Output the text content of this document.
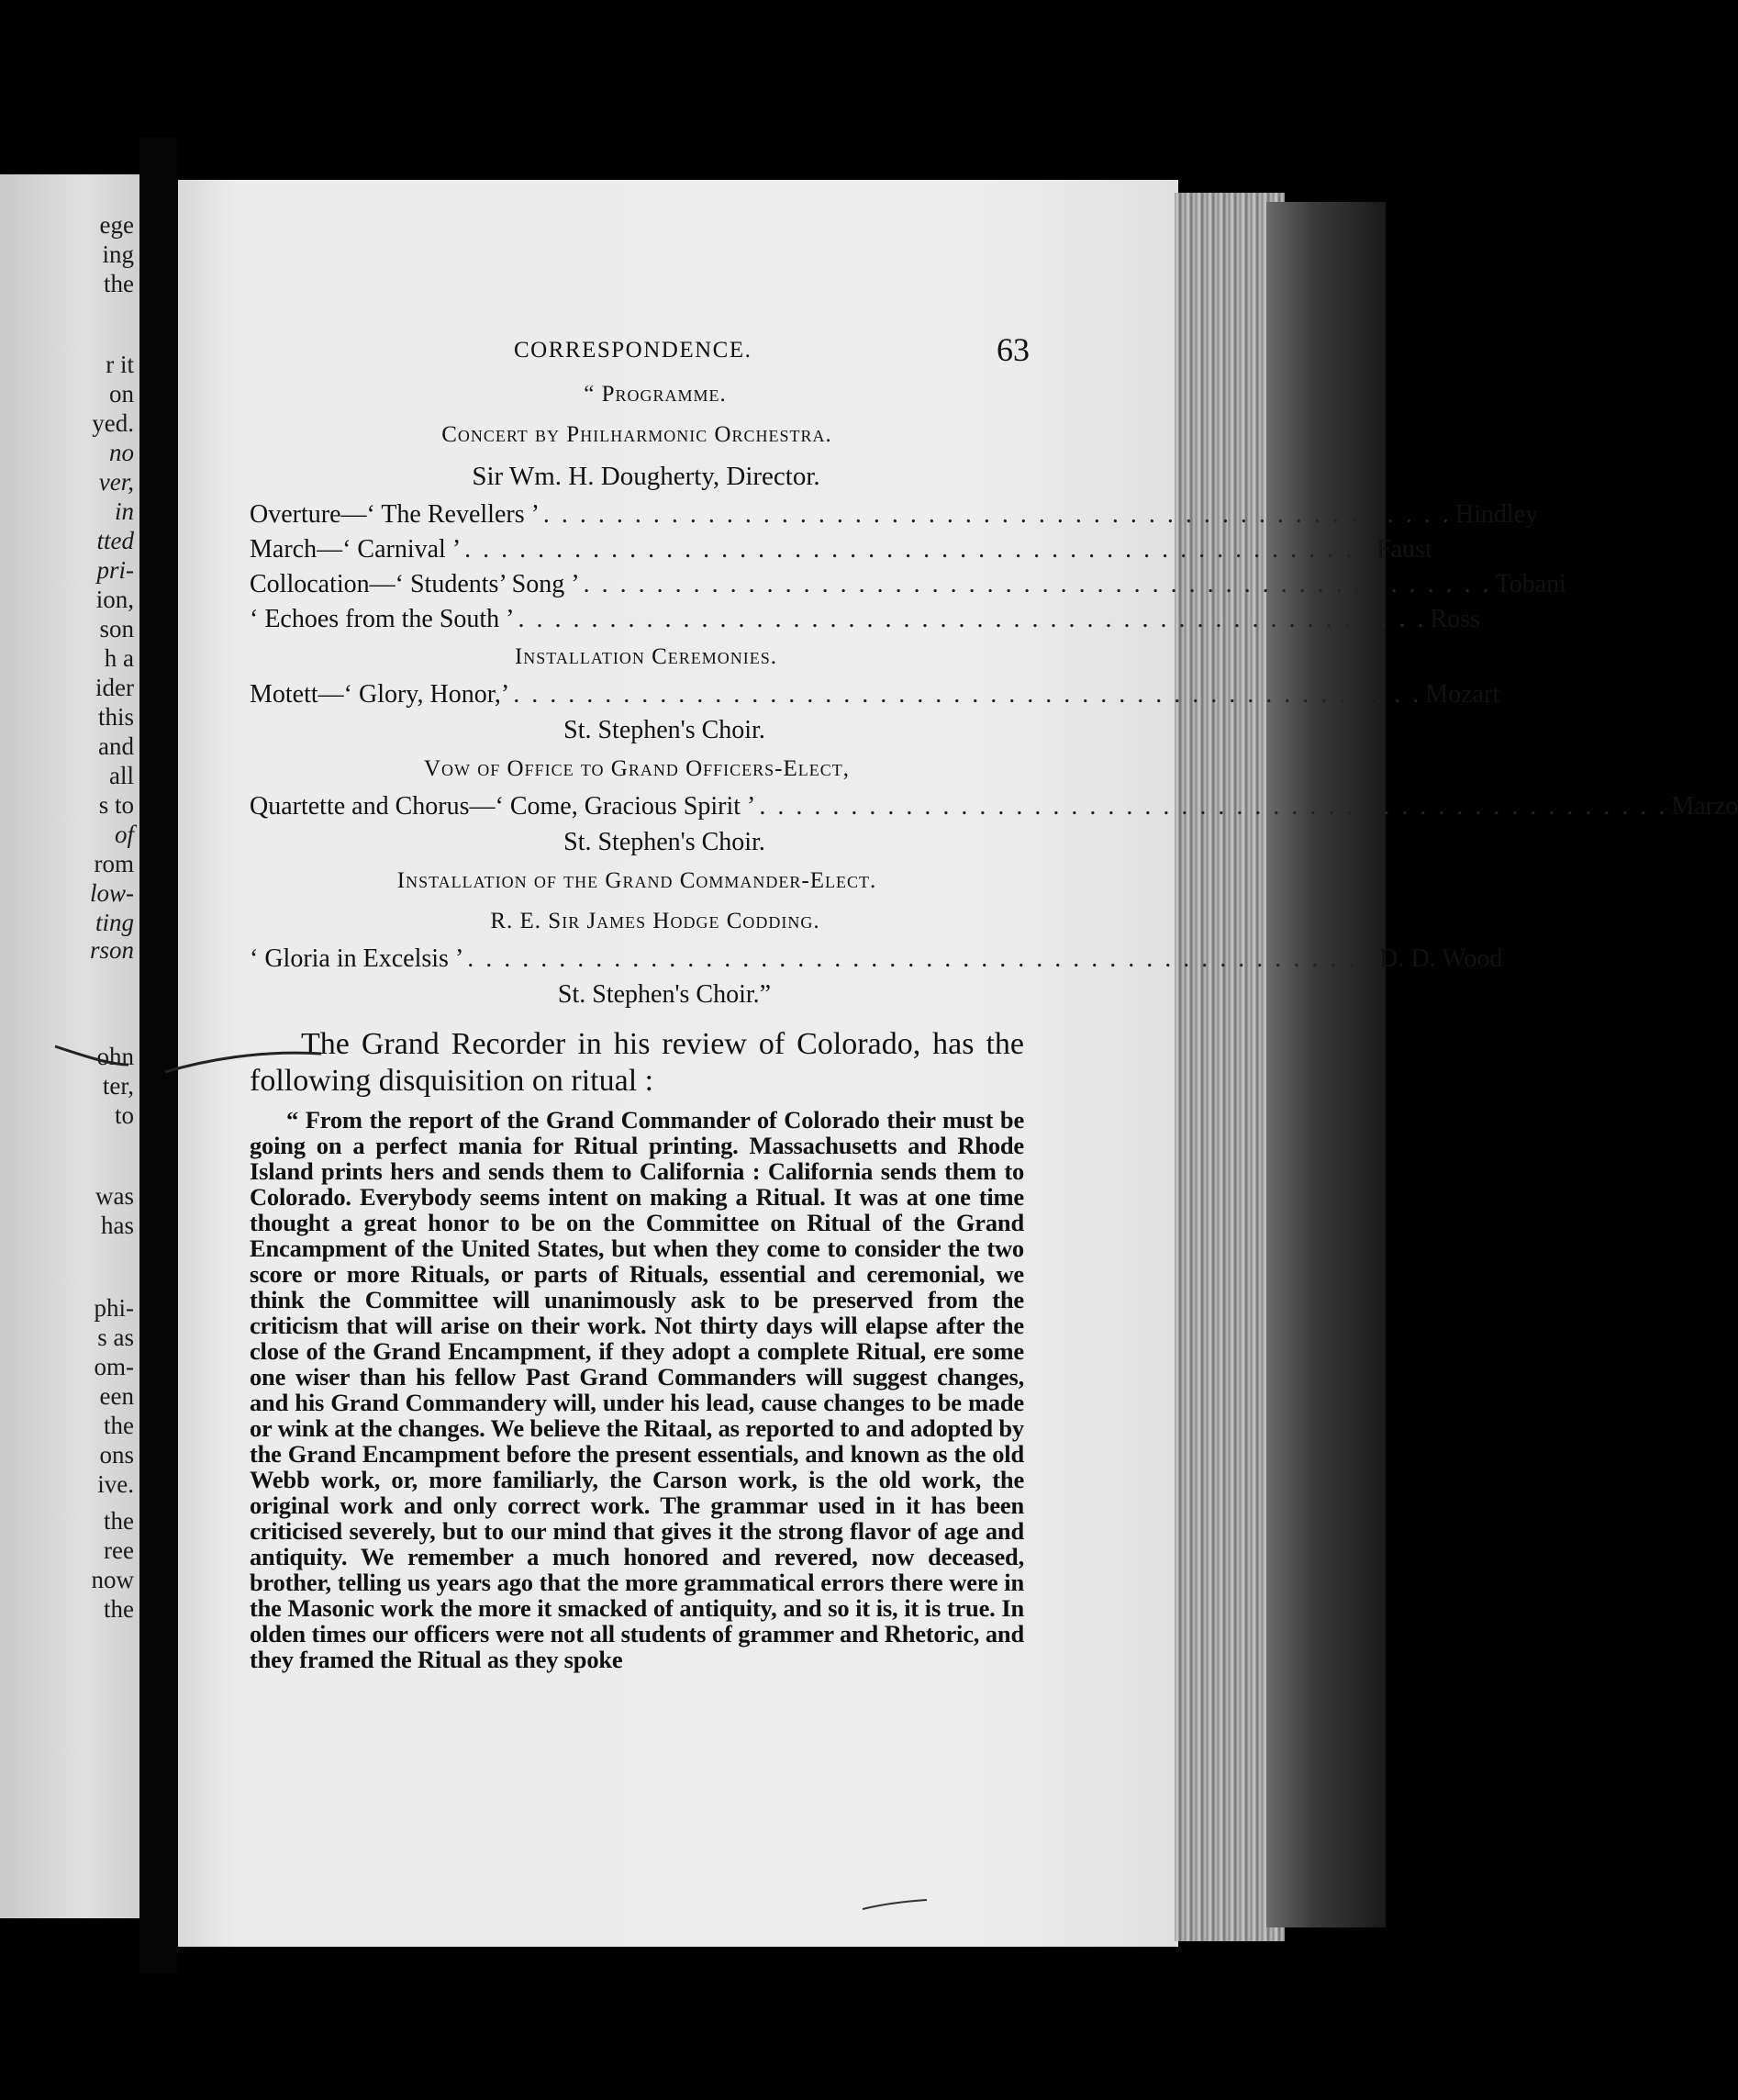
ege
ing
the
r it
on
yed.
no
ver,
in
tted
pri-
ion,
son
h a
ider
this
and
all
s to
of
rom
low-
ting
rson
ohn
ter,
to
was
has
phi-
s as
om-
een
the
ons
ive.
the
ree
now
the
CORRESPONDENCE.	63
“ Programme.
Concert by Philharmonic Orchestra.
Sir Wm. H. Dougherty, Director.
Overture—‘ The Revellers ’ . . . . . . . . . . . . . . . . . . . . . . . . . . . . . . . . . . . . . . . . . . . . . . . . . . Hindley
March—‘ Carnival ’ . . . . . . . . . . . . . . . . . . . . . . . . . . . . . . . . . . . . . . . . . . . . . . . . . . Faust
Collocation—‘ Students’ Song ’ . . . . . . . . . . . . . . . . . . . . . . . . . . . . . . . . . . . . . . . . . . . . . . . . . . Tobani
‘ Echoes from the South ’ . . . . . . . . . . . . . . . . . . . . . . . . . . . . . . . . . . . . . . . . . . . . . . . . . . Ross
Installation Ceremonies.
Motett—‘ Glory, Honor,’ . . . . . . . . . . . . . . . . . . . . . . . . . . . . . . . . . . . . . . . . . . . . . . . . . . Mozart
St. Stephen's Choir.
Vow of Office to Grand Officers-Elect,
Quartette and Chorus—‘ Come, Gracious Spirit ’ . . . . . . . . . . . . . . . . . . . . . . . . . . . . . . . . . . . . . . . . . . . . . . . . . . Marzo
St. Stephen's Choir.
Installation of the Grand Commander-Elect.
R. E. Sir James Hodge Codding.
‘ Gloria in Excelsis ’ . . . . . . . . . . . . . . . . . . . . . . . . . . . . . . . . . . . . . . . . . . . . . . . . . . D. D. Wood
St. Stephen's Choir.”

The Grand Recorder in his review of Colorado, has the following disquisition on ritual :

“ From the report of the Grand Commander of Colorado their must be going on a perfect mania for Ritual printing. Massachusetts and Rhode Island prints hers and sends them to California : California sends them to Colorado. Everybody seems intent on making a Ritual. It was at one time thought a great honor to be on the Committee on Ritual of the Grand Encampment of the United States, but when they come to consider the two score or more Rituals, or parts of Rituals, essential and ceremonial, we think the Committee will unanimously ask to be preserved from the criticism that will arise on their work. Not thirty days will elapse after the close of the Grand Encampment, if they adopt a complete Ritual, ere some one wiser than his fellow Past Grand Commanders will suggest changes, and his Grand Commandery will, under his lead, cause changes to be made or wink at the changes. We believe the Ritaal, as reported to and adopted by the Grand Encampment before the present essentials, and known as the old Webb work, or, more familiarly, the Carson work, is the old work, the original work and only correct work. The grammar used in it has been criticised severely, but to our mind that gives it the strong flavor of age and antiquity. We remember a much honored and revered, now deceased, brother, telling us years ago that the more grammatical errors there were in the Masonic work the more it smacked of antiquity, and so it is, it is true. In olden times our officers were not all students of grammer and Rhetoric, and they framed the Ritual as they spoke
